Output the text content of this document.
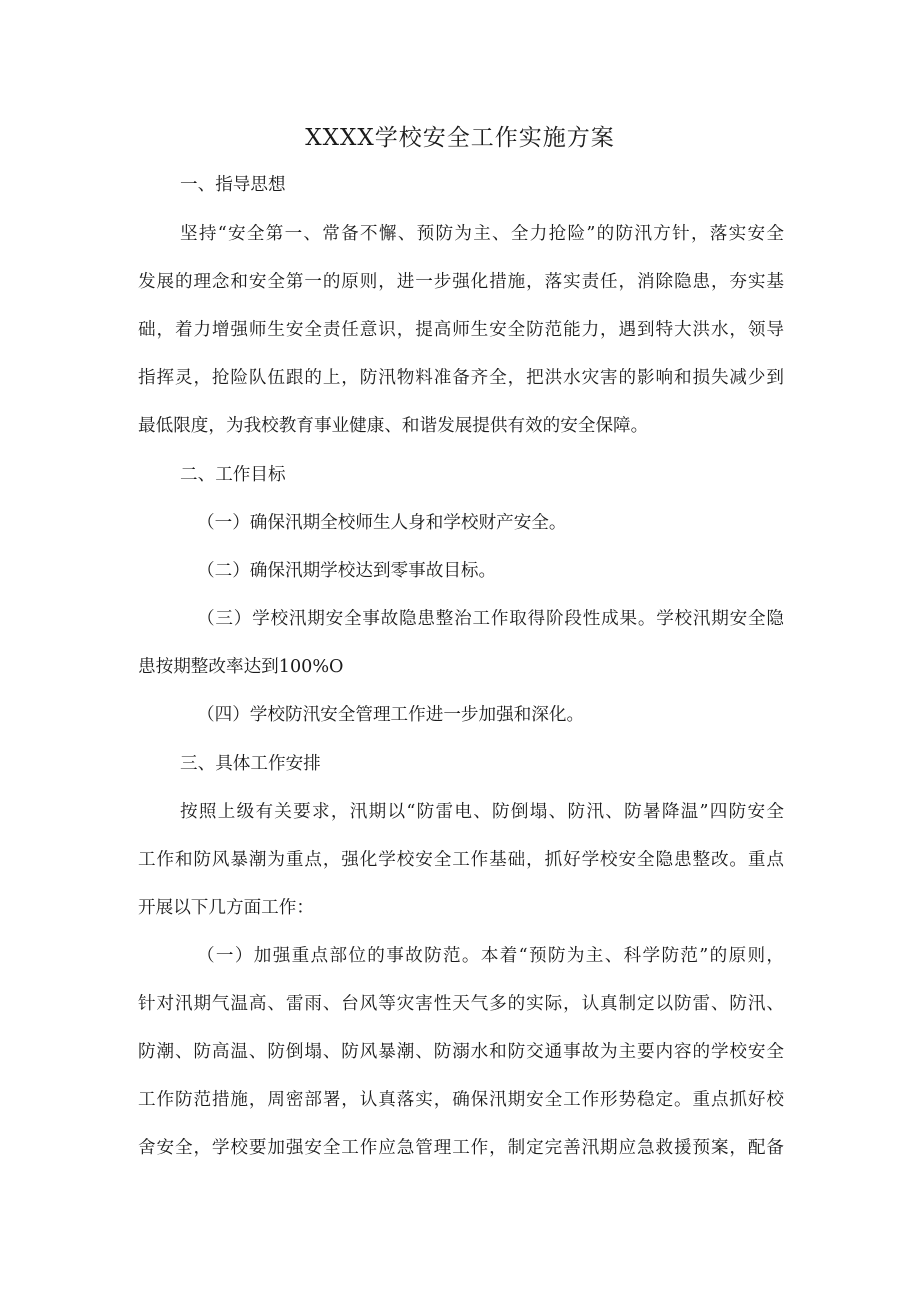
XXXX学校安全工作实施方案
一、指导思想
坚持“安全第一、常备不懈、预防为主、全力抢险”的防汛方针，落实安全
发展的理念和安全第一的原则，进一步强化措施，落实责任，消除隐患，夯实基
础，着力增强师生安全责任意识，提高师生安全防范能力，遇到特大洪水，领导
指挥灵，抢险队伍跟的上，防汛物料准备齐全，把洪水灾害的影响和损失减少到
最低限度，为我校教育事业健康、和谐发展提供有效的安全保障。
二、工作目标
（一）确保汛期全校师生人身和学校财产安全。
（二）确保汛期学校达到零事故目标。
（三）学校汛期安全事故隐患整治工作取得阶段性成果。学校汛期安全隐
患按期整改率达到100%O
（四）学校防汛安全管理工作进一步加强和深化。
三、具体工作安排
按照上级有关要求，汛期以“防雷电、防倒塌、防汛、防暑降温”四防安全
工作和防风暴潮为重点，强化学校安全工作基础，抓好学校安全隐患整改。重点
开展以下几方面工作：
（一）加强重点部位的事故防范。本着“预防为主、科学防范”的原则，
针对汛期气温高、雷雨、台风等灾害性天气多的实际，认真制定以防雷、防汛、
防潮、防高温、防倒塌、防风暴潮、防溺水和防交通事故为主要内容的学校安全
工作防范措施，周密部署，认真落实，确保汛期安全工作形势稳定。重点抓好校
舍安全，学校要加强安全工作应急管理工作，制定完善汛期应急救援预案，配备
